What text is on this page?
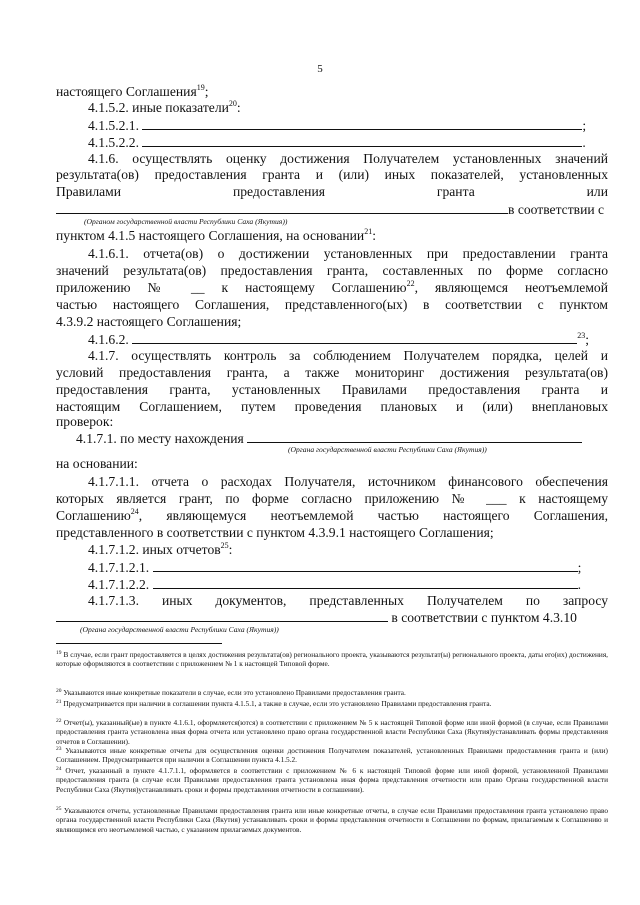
5
настоящего Соглашения$^{19}$;
4.1.5.2. иные показатели$^{20}$:
4.1.5.2.1.	;
4.1.5.2.2.	.
4.1.6. осуществлять оценку достижения Получателем установленных значений
результата(ов) предоставления гранта и (или) иных показателей, установленных
Правилами предоставления гранта или
в соответствии с
(Органом государственной власти Республики Саха (Якутия))
пунктом 4.1.5 настоящего Соглашения, на основании$^{21}$:
4.1.6.1. отчета(ов) о достижении установленных при предоставлении гранта
значений результата(ов) предоставления гранта, составленных по форме согласно
приложению № __ к настоящему Соглашению$^{22}$, являющемся неотъемлемой
частью настоящего Соглашения, представленного(ых) в соответствии с пунктом
4.3.9.2 настоящего Соглашения;
4.1.6.2.	$^{23}$;
4.1.7. осуществлять контроль за соблюдением Получателем порядка, целей и
условий предоставления гранта, а также мониторинг достижения результата(ов)
предоставления гранта, установленных Правилами предоставления гранта и
настоящим Соглашением, путем проведения плановых и (или) внеплановых
проверок:
4.1.7.1. по месту нахождения
(Органа государственной власти Республики Саха (Якутия))
на основании:
4.1.7.1.1. отчета о расходах Получателя, источником финансового обеспечения
которых является грант, по форме согласно приложению № ___ к настоящему
Соглашению$^{24}$, являющемуся неотъемлемой частью настоящего Соглашения,
представленного в соответствии с пунктом 4.3.9.1 настоящего Соглашения;
4.1.7.1.2. иных отчетов$^{25}$:
4.1.7.1.2.1.	;
4.1.7.1.2.2.	.
4.1.7.1.3. иных документов, представленных Получателем по запросу
в соответствии с пунктом 4.3.10
(Органа государственной власти Республики Саха (Якутия))
$^{19}$ В случае, если грант предоставляется в целях достижения результата(ов) регионального проекта, указываются результат(ы) регионального проекта, даты его(их) достижения, которые оформляются в соответствии с приложением № 1 к настоящей Типовой форме.
$^{20}$ Указываются иные конкретные показатели в случае, если это установлено Правилами предоставления гранта.
$^{21}$ Предусматривается при наличии в соглашении пункта 4.1.5.1, а также в случае, если это установлено Правилами предоставления гранта.
$^{22}$ Отчет(ы), указанный(ые) в пункте 4.1.6.1, оформляется(ются) в соответствии с приложением № 5 к настоящей Типовой форме или иной формой (в случае, если Правилами предоставления гранта установлена иная форма отчета или установлено право органа государственной власти Республики Саха (Якутия)устанавливать формы представления отчетов в Соглашении).
$^{23}$ Указываются иные конкретные отчеты для осуществления оценки достижения Получателем показателей, установленных Правилами предоставления гранта и (или) Соглашением. Предусматривается при наличии в Соглашении пункта 4.1.5.2.
$^{24}$ Отчет, указанный в пункте 4.1.7.1.1, оформляется в соответствии с приложением № 6 к настоящей Типовой форме или иной формой, установленной Правилами предоставления гранта (в случае если Правилами предоставления гранта установлена иная форма представления отчетности или право Органа государственной власти Республики Саха (Якутия)устанавливать сроки и формы представления отчетности в соглашении).
$^{25}$ Указываются отчеты, установленные Правилами предоставления гранта или иные конкретные отчеты, в случае если Правилами предоставления гранта установлено право органа государственной власти Республики Саха (Якутия) устанавливать сроки и формы представления отчетности в Соглашении по формам, прилагаемым к Соглашению и являющимся его неотъемлемой частью, с указанием прилагаемых документов.
